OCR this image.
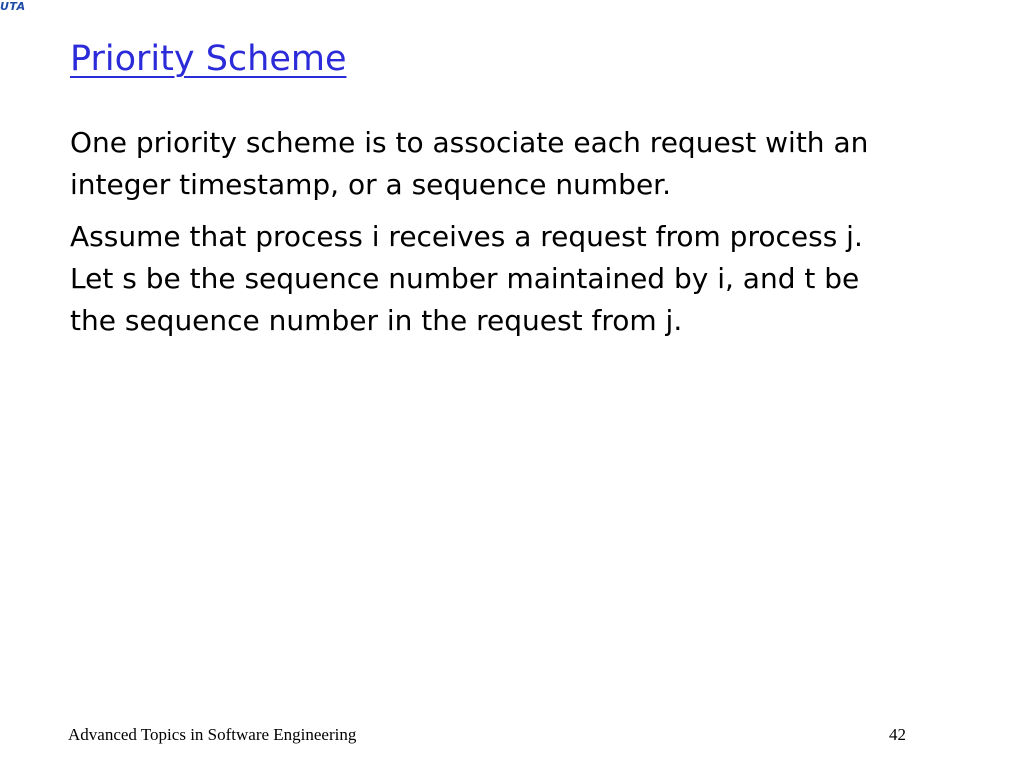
UTA
Priority Scheme

One priority scheme is to associate each request with an integer timestamp, or a sequence number.

Assume that process i receives a request from process j. Let s be the sequence number maintained by i, and t be the sequence number in the request from j.

Advanced Topics in Software Engineering	42
